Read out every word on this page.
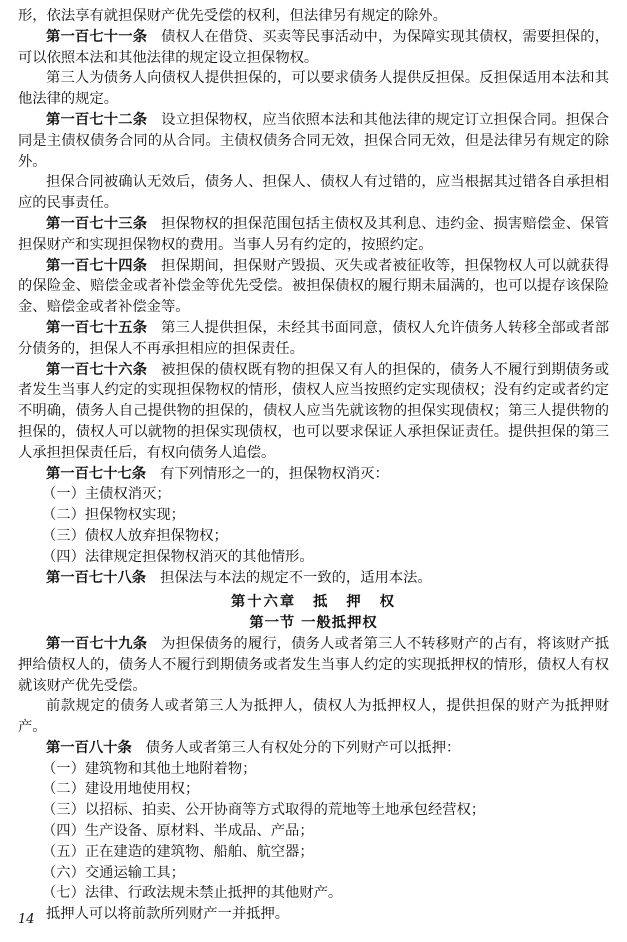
形，依法享有就担保财产优先受偿的权利，但法律另有规定的除外。

第一百七十一条 债权人在借贷、买卖等民事活动中，为保障实现其债权，需要担保的，可以依照本法和其他法律的规定设立担保物权。

第三人为债务人向债权人提供担保的，可以要求债务人提供反担保。反担保适用本法和其他法律的规定。

第一百七十二条 设立担保物权，应当依照本法和其他法律的规定订立担保合同。担保合同是主债权债务合同的从合同。主债权债务合同无效，担保合同无效，但是法律另有规定的除外。

担保合同被确认无效后，债务人、担保人、债权人有过错的，应当根据其过错各自承担相应的民事责任。

第一百七十三条 担保物权的担保范围包括主债权及其利息、违约金、损害赔偿金、保管担保财产和实现担保物权的费用。当事人另有约定的，按照约定。

第一百七十四条 担保期间，担保财产毁损、灭失或者被征收等，担保物权人可以就获得的保险金、赔偿金或者补偿金等优先受偿。被担保债权的履行期未届满的，也可以提存该保险金、赔偿金或者补偿金等。

第一百七十五条 第三人提供担保，未经其书面同意，债权人允许债务人转移全部或者部分债务的，担保人不再承担相应的担保责任。

第一百七十六条 被担保的债权既有物的担保又有人的担保的，债务人不履行到期债务或者发生当事人约定的实现担保物权的情形，债权人应当按照约定实现债权；没有约定或者约定不明确，债务人自己提供物的担保的，债权人应当先就该物的担保实现债权；第三人提供物的担保的，债权人可以就物的担保实现债权，也可以要求保证人承担保证责任。提供担保的第三人承担担保责任后，有权向债务人追偿。

第一百七十七条 有下列情形之一的，担保物权消灭：

（一）主债权消灭；

（二）担保物权实现；

（三）债权人放弃担保物权；

（四）法律规定担保物权消灭的其他情形。

第一百七十八条 担保法与本法的规定不一致的，适用本法。

第十六章 抵 押 权
第一节 一般抵押权

第一百七十九条 为担保债务的履行，债务人或者第三人不转移财产的占有，将该财产抵押给债权人的，债务人不履行到期债务或者发生当事人约定的实现抵押权的情形，债权人有权就该财产优先受偿。

前款规定的债务人或者第三人为抵押人，债权人为抵押权人，提供担保的财产为抵押财产。

第一百八十条 债务人或者第三人有权处分的下列财产可以抵押：

（一）建筑物和其他土地附着物；

（二）建设用地使用权；

（三）以招标、拍卖、公开协商等方式取得的荒地等土地承包经营权；

（四）生产设备、原材料、半成品、产品；

（五）正在建造的建筑物、船舶、航空器；

（六）交通运输工具；

（七）法律、行政法规未禁止抵押的其他财产。

抵押人可以将前款所列财产一并抵押。

14
